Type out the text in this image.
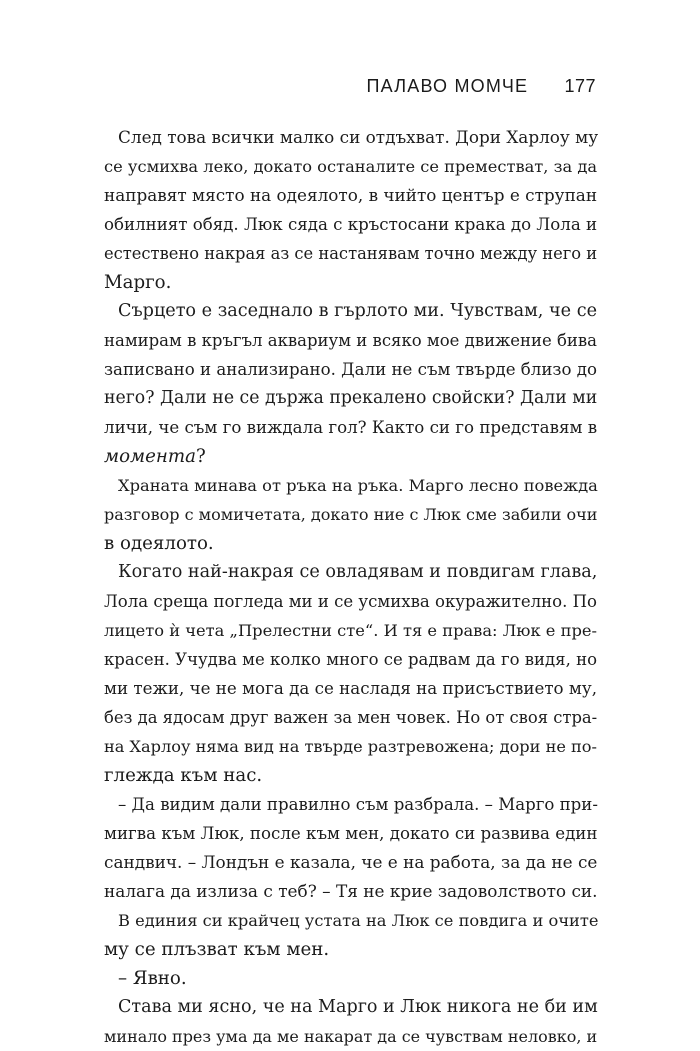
ПАЛАВО МОМЧЕ 177

След това всички малко си отдъхват. Дори Харлоу му
се усмихва леко, докато останалите се преместват, за да
направят място на одеялото, в чийто център е струпан
обилният обяд. Люк сяда с кръстосани крака до Лола и
естествено накрая аз се настанявам точно между него и
Марго.

Сърцето е заседнало в гърлото ми. Чувствам, че се
намирам в кръгъл аквариум и всяко мое движение бива
записвано и анализирано. Дали не съм твърде близо до
него? Дали не се държа прекалено свойски? Дали ми
личи, че съм го виждала гол? Както си го представям в
момента?

Храната минава от ръка на ръка. Марго лесно повежда
разговор с момичетата, докато ние с Люк сме забили очи
в одеялото.

Когато най-накрая се овладявам и повдигам глава,
Лола среща погледа ми и се усмихва окуражително. По
лицето ѝ чета „Прелестни сте“. И тя е права: Люк е пре-
красен. Учудва ме колко много се радвам да го видя, но
ми тежи, че не мога да се насладя на присъствието му,
без да ядосам друг важен за мен човек. Но от своя стра-
на Харлоу няма вид на твърде разтревожена; дори не по-
глежда към нас.

– Да видим дали правилно съм разбрала. – Марго при-
мигва към Люк, после към мен, докато си развива един
сандвич. – Лондън е казала, че е на работа, за да не се
налага да излиза с теб? – Тя не крие задоволството си.

В единия си крайчец устата на Люк се повдига и очите
му се плъзват към мен.

– Явно.

Става ми ясно, че на Марго и Люк никога не би им
минало през ума да ме накарат да се чувствам неловко, и
